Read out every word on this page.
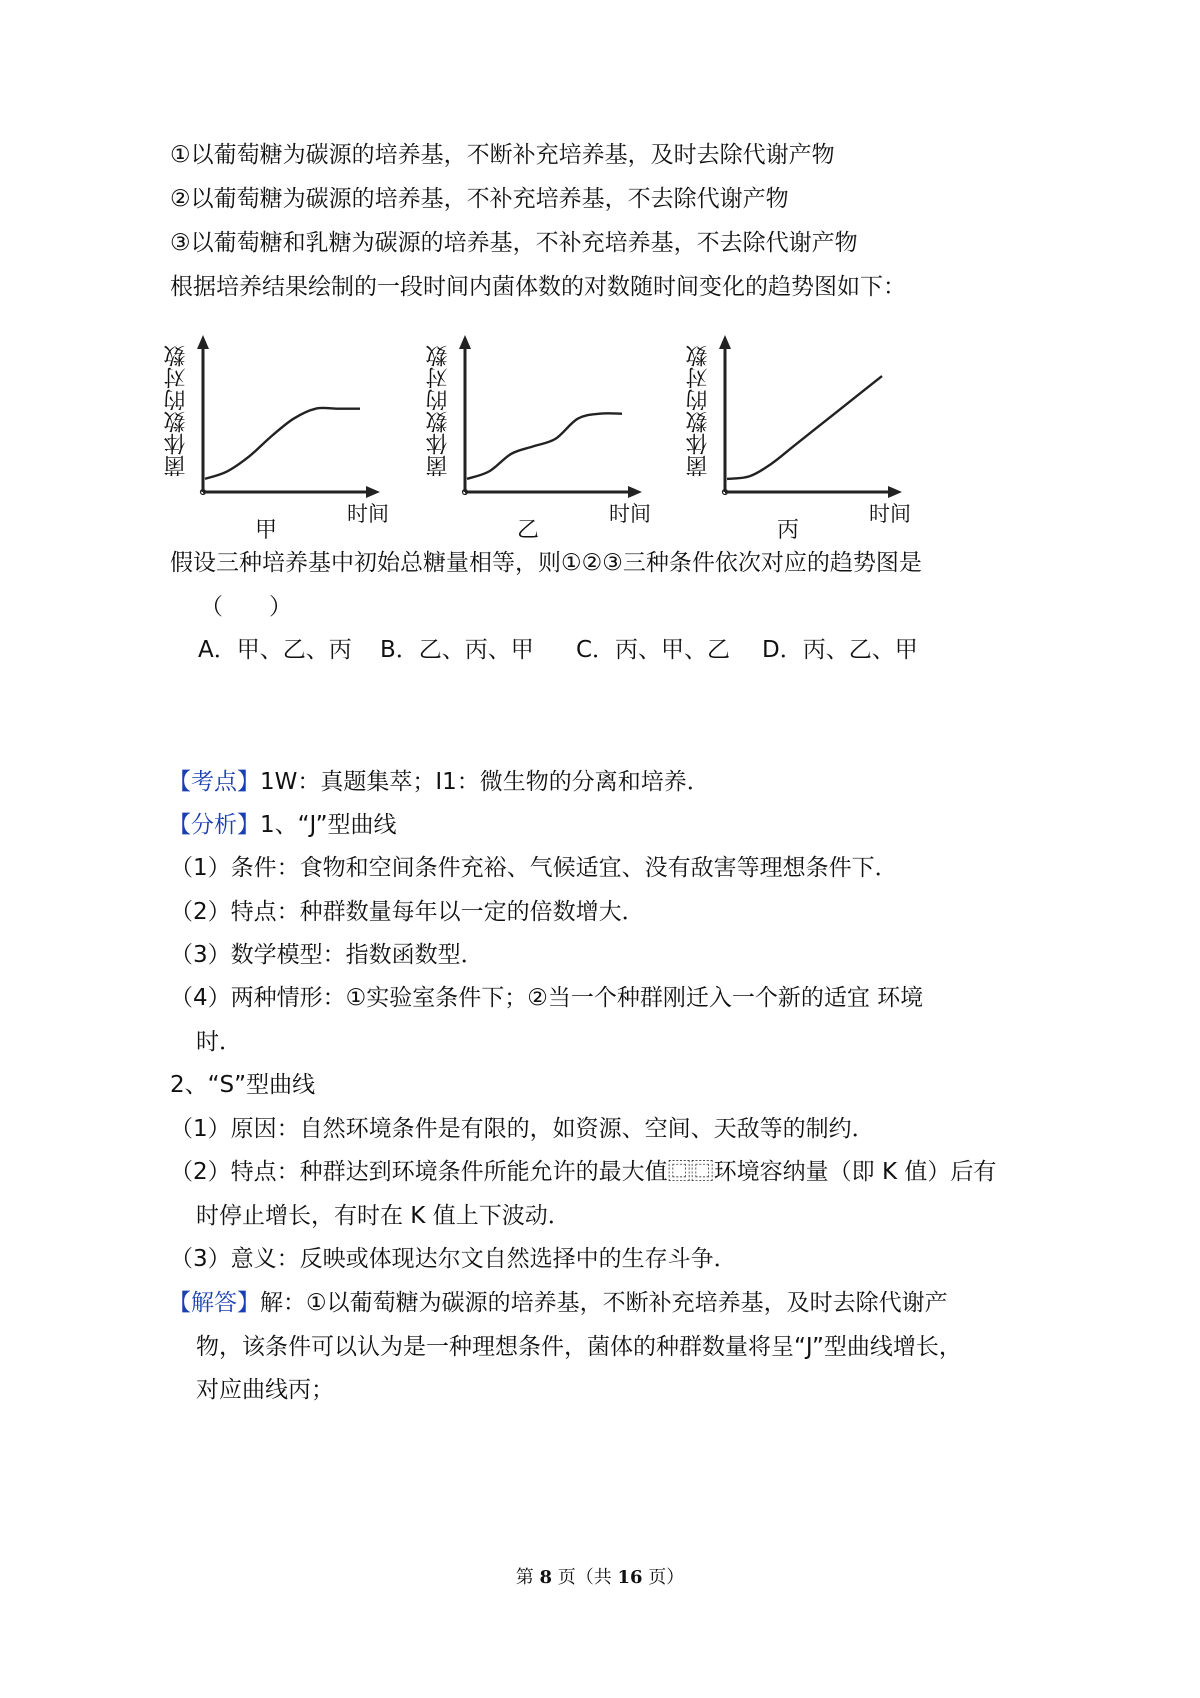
①以葡萄糖为碳源的培养基，不断补充培养基，及时去除代谢产物
②以葡萄糖为碳源的培养基，不补充培养基，不去除代谢产物
③以葡萄糖和乳糖为碳源的培养基，不补充培养基，不去除代谢产物
根据培养结果绘制的一段时间内菌体数的对数随时间变化的趋势图如下：
菌体数的对数
时间
甲
菌体数的对数
时间
乙
菌体数的对数
时间
丙
假设三种培养基中初始总糖量相等，则①②③三种条件依次对应的趋势图是
（　　）
A．甲、乙、丙 B．乙、丙、甲 C．丙、甲、乙 D．丙、乙、甲
【考点】1W：真题集萃；I1：微生物的分离和培养．
【分析】1、“J”型曲线
（1）条件：食物和空间条件充裕、气候适宜、没有敌害等理想条件下．
（2）特点：种群数量每年以一定的倍数增大．
（3）数学模型：指数函数型．
（4）两种情形：①实验室条件下；②当一个种群刚迁入一个新的适宜 环境
时．
2、“S”型曲线
（1）原因：自然环境条件是有限的，如资源、空间、天敌等的制约．
（2）特点：种群达到环境条件所能允许的最大值⿴⿴环境容纳量（即 K 值）后有
时停止增长，有时在 K 值上下波动．
（3）意义：反映或体现达尔文自然选择中的生存斗争．
【解答】解：①以葡萄糖为碳源的培养基，不断补充培养基，及时去除代谢产
物，该条件可以认为是一种理想条件，菌体的种群数量将呈“J”型曲线增长，
对应曲线丙；
第 8 页（共 16 页）
